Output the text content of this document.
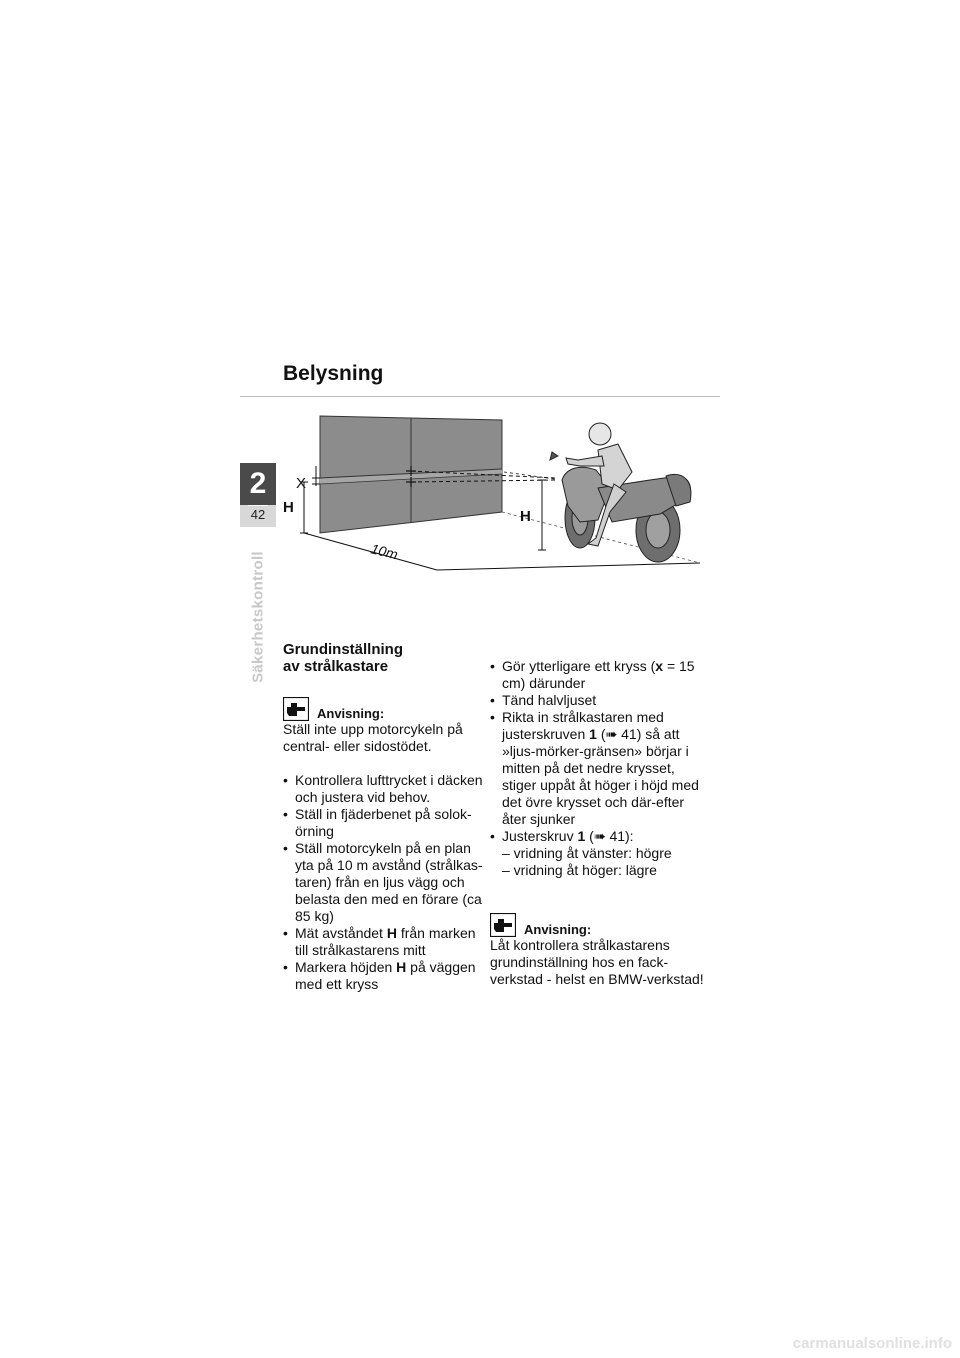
Belysning
2
42
Säkerhetskontroll
X
H
10m
H
Grundinställning
av strålkastare
Anvisning:

Ställ inte upp motorcykeln på central- eller sidostödet.

• Kontrollera lufttrycket i däcken och justera vid behov.
• Ställ in fjäderbenet på solok-örning
• Ställ motorcykeln på en plan yta på 10 m avstånd (strålkas-taren) från en ljus vägg och belasta den med en förare (ca 85 kg)
• Mät avståndet H från marken till strålkastarens mitt
• Markera höjden H på väggen med ett kryss
• Gör ytterligare ett kryss (x = 15 cm) därunder
• Tänd halvljuset
• Rikta in strålkastaren med justerskruven 1 (➠ 41) så att »ljus-mörker-gränsen» börjar i mitten på det nedre krysset, stiger uppåt åt höger i höjd med det övre krysset och där-efter åter sjunker
• Justerskruv 1 (➠ 41):
– vridning åt vänster: högre
– vridning åt höger: lägre
Anvisning:

Låt kontrollera strålkastarens grundinställning hos en fack-verkstad - helst en BMW-verkstad!

carmanualsonline.info
